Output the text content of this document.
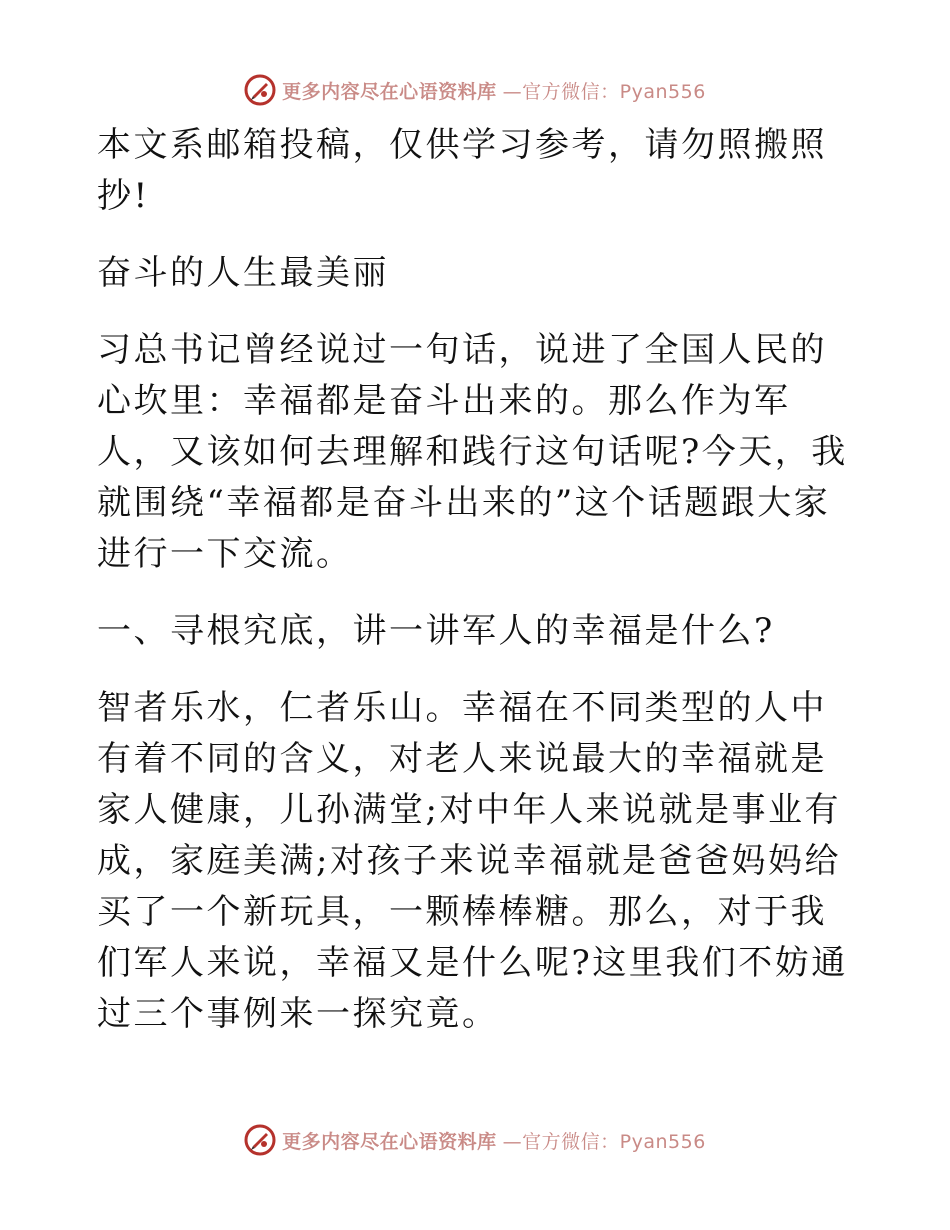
更多内容尽在心语资料库 —官方微信：Pyan556

本文系邮箱投稿，仅供学习参考，请勿照搬照抄!

奋斗的人生最美丽

习总书记曾经说过一句话，说进了全国人民的心坎里：幸福都是奋斗出来的。那么作为军人，又该如何去理解和践行这句话呢?今天，我就围绕“幸福都是奋斗出来的”这个话题跟大家进行一下交流。

一、寻根究底，讲一讲军人的幸福是什么?

智者乐水，仁者乐山。幸福在不同类型的人中有着不同的含义，对老人来说最大的幸福就是家人健康，儿孙满堂;对中年人来说就是事业有成，家庭美满;对孩子来说幸福就是爸爸妈妈给买了一个新玩具，一颗棒棒糖。那么，对于我们军人来说，幸福又是什么呢?这里我们不妨通过三个事例来一探究竟。

更多内容尽在心语资料库 —官方微信：Pyan556
